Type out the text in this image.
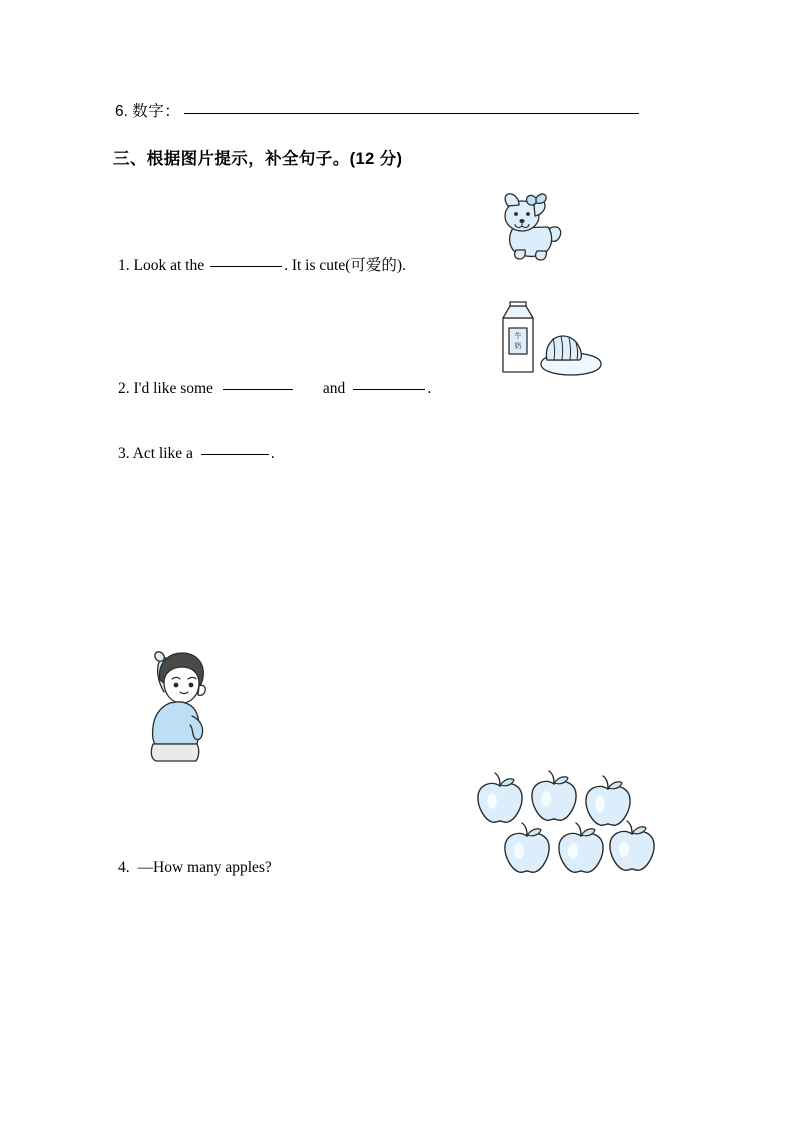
6. 数字：
三、根据图片提示，补全句子。(12 分)
1. Look at the	. It is cute(可爱的).
牛
奶
2. I'd like some	and	.
3. Act like a	.
4. —How many apples?
